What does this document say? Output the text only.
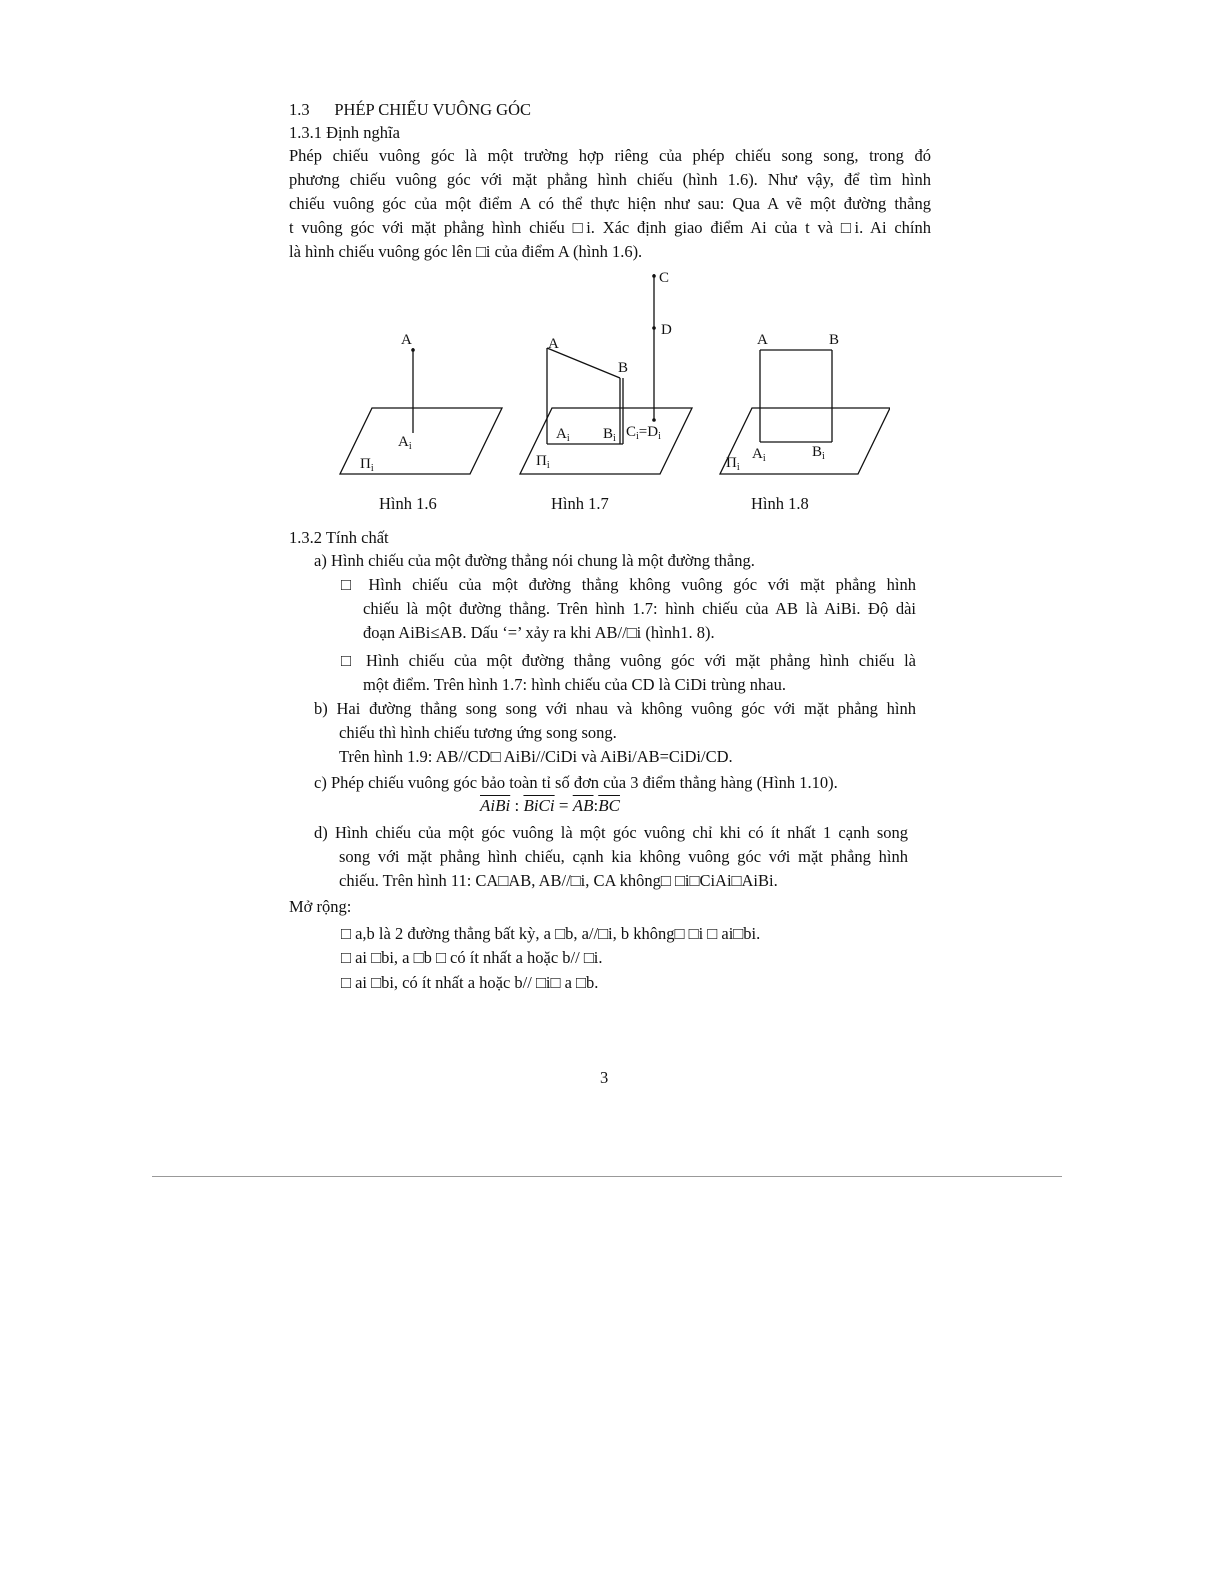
1.3 PHÉP CHIẾU VUÔNG GÓC
1.3.1 Định nghĩa
Phép chiếu vuông góc là một trường hợp riêng của phép chiếu song song, trong đó
phương chiếu vuông góc với mặt phẳng hình chiếu (hình 1.6). Như vậy, để tìm hình
chiếu vuông góc của một điểm A có thể thực hiện như sau: Qua A vẽ một đường thẳng
t vuông góc với mặt phẳng hình chiếu □i. Xác định giao điểm Ai của t và □i. Ai chính
là hình chiếu vuông góc lên □i của điểm A (hình 1.6).
A
$A_i$
$\Pi_i$
A
B
C
D
$A_i$ $B_i$ $C_i=D_i$
$\Pi_i$
A	B
$A_i$	$B_i$
$\Pi_i$
Hình 1.6	Hình 1.7	Hình 1.8
1.3.2 Tính chất
a) Hình chiếu của một đường thẳng nói chung là một đường thẳng.
□ Hình chiếu của một đường thẳng không vuông góc với mặt phẳng hình
chiếu là một đường thẳng. Trên hình 1.7: hình chiếu của AB là AiBi. Độ dài
đoạn AiBi≤AB. Dấu ‘=’ xảy ra khi AB//□i (hình1. 8).
□ Hình chiếu của một đường thẳng vuông góc với mặt phẳng hình chiếu là
một điểm. Trên hình 1.7: hình chiếu của CD là CiDi trùng nhau.
b) Hai đường thẳng song song với nhau và không vuông góc với mặt phẳng hình
chiếu thì hình chiếu tương ứng song song.
Trên hình 1.9: AB//CD□ AiBi//CiDi và AiBi/AB=CiDi/CD.
c) Phép chiếu vuông góc bảo toàn tỉ số đơn của 3 điểm thẳng hàng (Hình 1.10).
AiBi : BiCi = $\overline{AB}:\overline{BC}$
d) Hình chiếu của một góc vuông là một góc vuông chỉ khi có ít nhất 1 cạnh song
song với mặt phẳng hình chiếu, cạnh kia không vuông góc với mặt phẳng hình
chiếu. Trên hình 11: CA□AB, AB//□i, CA không□ □i□CiAi□AiBi.
Mở rộng:
□ a,b là 2 đường thẳng bất kỳ, a □b, a//□i, b không□ □i □ ai□bi.
□ ai □bi, a □b □ có ít nhất a hoặc b// □i.
□ ai □bi, có ít nhất a hoặc b// □i□ a □b.
3
